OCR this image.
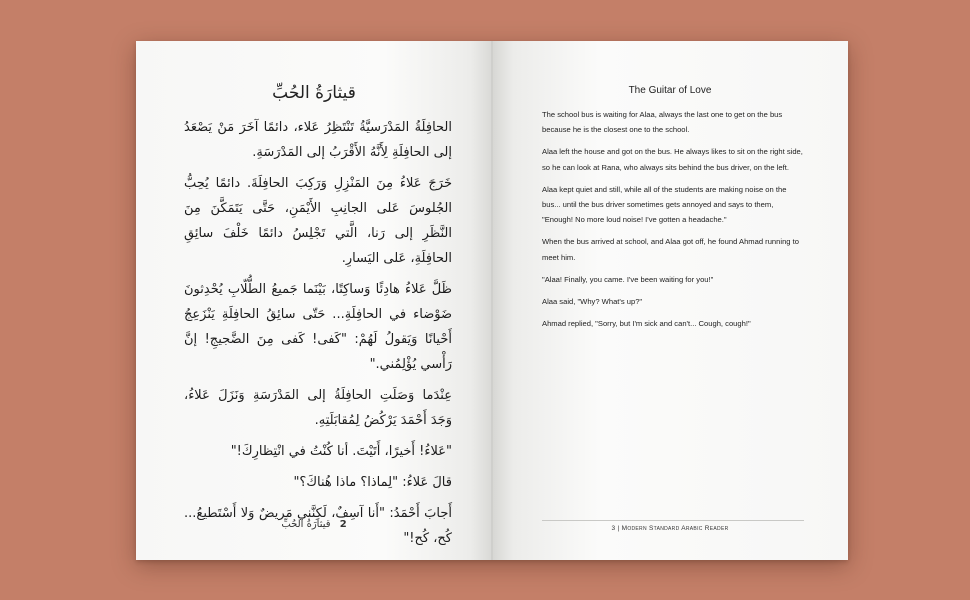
قيثارَةُ الحُبِّ

الحافِلَةُ المَدْرَسيَّةُ تَنْتَظِرُ عَلاء، دائمًا آخَرَ مَنْ يَصْعَدُ إلى الحافِلَةِ لِأَنَّهُ الأَقْرَبُ إلى المَدْرَسَةِ.

خَرَجَ عَلاءُ مِنَ المَنْزِلِ وَرَكِبَ الحافِلَةَ. دائمًا يُحِبُّ الجُلوسَ عَلى الجانِبِ الأَيْمَنِ، حَتَّى يَتَمَكَّنَ مِنَ النَّظَرِ إلى رَنا، الَّتي تَجْلِسُ دائمًا خَلْفَ سائِقِ الحافِلَةِ، عَلى اليَسارِ.

ظَلَّ عَلاءُ هادِئًا وَساكِتًا، بَيْنَما جَميعُ الطُّلّابِ يُحْدِثونَ ضَوْضاء في الحافِلَةِ... حَتّى سائِقُ الحافِلَةِ يَنْزَعِجُ أَحْيانًا وَيَقولُ لَهُمْ: "كَفى! كَفى مِنَ الضَّجيجِ! إنَّ رَأْسي يُؤْلِمُني."

عِنْدَما وَصَلَتِ الحافِلَةُ إلى المَدْرَسَةِ وَنَزَلَ عَلاءُ، وَجَدَ أَحْمَدَ يَرْكُضُ لِمُقابَلَتِهِ.

"عَلاءُ! أَخيرًا، أَتَيْتَ. أنا كُنْتُ في انْتِظارِكَ!"

قالَ عَلاءُ: "لِماذا؟ ماذا هُناكَ؟"

أَجابَ أَحْمَدُ: "أَنا آسِفٌ، لَكِنَّني مَريضٌ وَلا أَسْتَطيعُ... كُح، كُح!"

2 قيثارَةُ الحُبِّ
The Guitar of Love

The school bus is waiting for Alaa, always the last one to get on the bus because he is the closest one to the school.

Alaa left the house and got on the bus. He always likes to sit on the right side, so he can look at Rana, who always sits behind the bus driver, on the left.

Alaa kept quiet and still, while all of the students are making noise on the bus... until the bus driver sometimes gets annoyed and says to them, "Enough! No more loud noise! I've gotten a headache."

When the bus arrived at school, and Alaa got off, he found Ahmad running to meet him.

"Alaa! Finally, you came. I've been waiting for you!"

Alaa said, "Why? What's up?"

Ahmad replied, "Sorry, but I'm sick and can't... Cough, cough!"

3 | Modern Standard Arabic Reader
